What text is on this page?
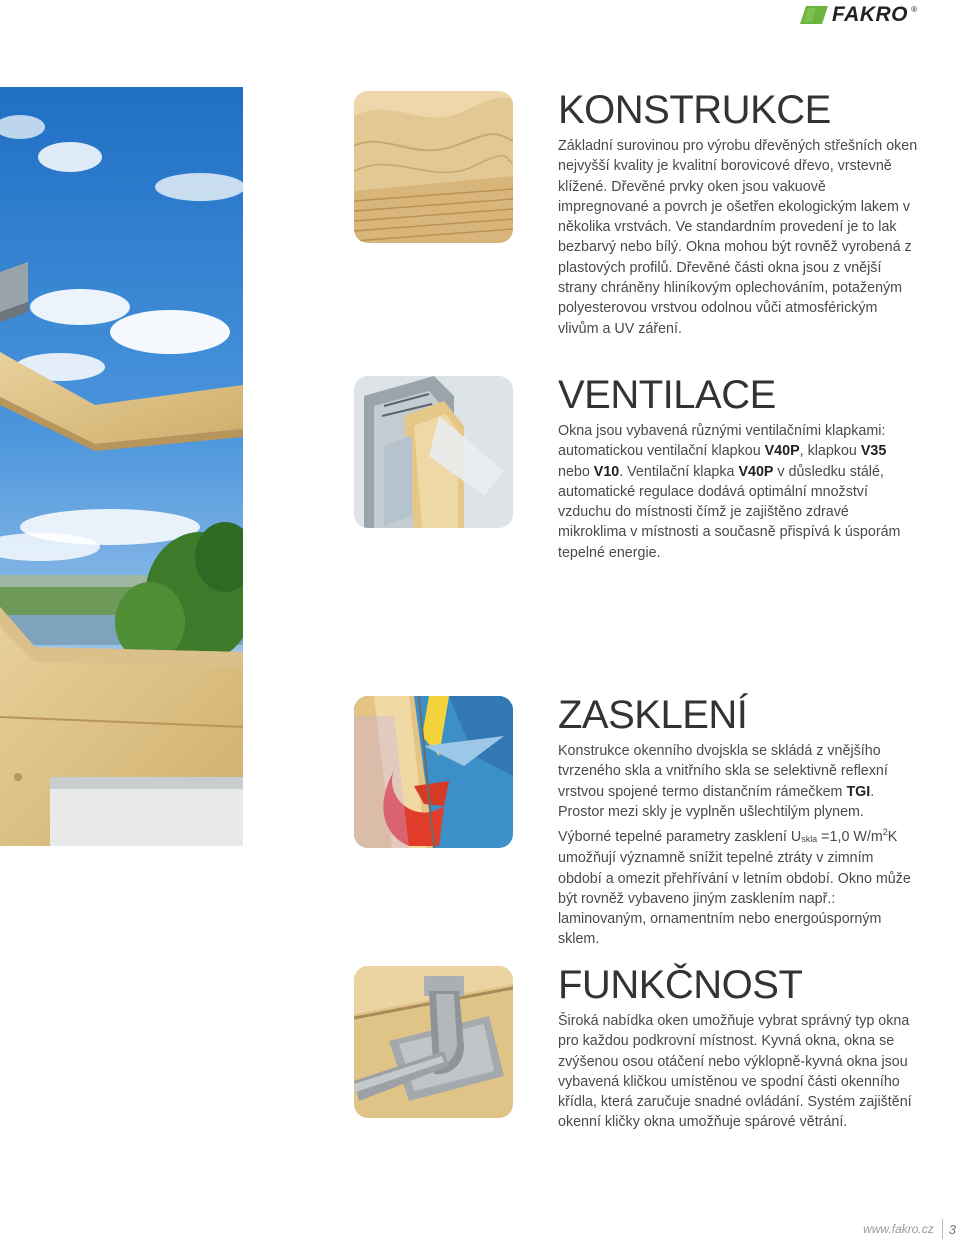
FAKRO ®
KONSTRUKCE

Základní surovinou pro výrobu dřevěných střešních oken nejvyšší kvality je kvalitní borovicové dřevo, vrstevně klížené. Dřevěné prvky oken jsou vakuově impregnované a povrch je ošetřen ekologickým lakem v několika vrstvách. Ve standardním provedení je to lak bezbarvý nebo bílý. Okna mohou být rovněž vyrobená z plastových profilů. Dřevěné části okna jsou z vnější strany chráněny hliníkovým oplechováním, potaženým polyesterovou vrstvou odolnou vůči atmosférickým vlivům a UV záření.

VENTILACE

Okna jsou vybavená různými ventilačními klapkami: automatickou ventilační klapkou V40P, klapkou V35 nebo V10. Ventilační klapka V40P v důsledku stálé, automatické regulace dodává optimální množství vzduchu do místnosti čímž je zajištěno zdravé mikroklima v místnosti a současně přispívá k úsporám tepelné energie.

ZASKLENÍ

Konstrukce okenního dvojskla se skládá z vnějšího tvrzeného skla a vnitřního skla se selektivně reflexní vrstvou spojené termo distančním rámečkem TGI. Prostor mezi skly je vyplněn ušlechtilým plynem. Výborné tepelné parametry zasklení $U_{skla} =1,0$ $W/m^2K$ umožňují významně snížit tepelné ztráty v zimním období a omezit přehřívání v letním období. Okno může být rovněž vybaveno jiným zasklením např.: laminovaným, ornamentním nebo energoúsporným sklem.

FUNKČNOST

Široká nabídka oken umožňuje vybrat správný typ okna pro každou podkrovní místnost. Kyvná okna, okna se zvýšenou osou otáčení nebo výklopně-kyvná okna jsou vybavená kličkou umístěnou ve spodní části okenního křídla, která zaručuje snadné ovládání. Systém zajištění okenní kličky okna umožňuje spárové větrání.

www.fakro.cz 3
